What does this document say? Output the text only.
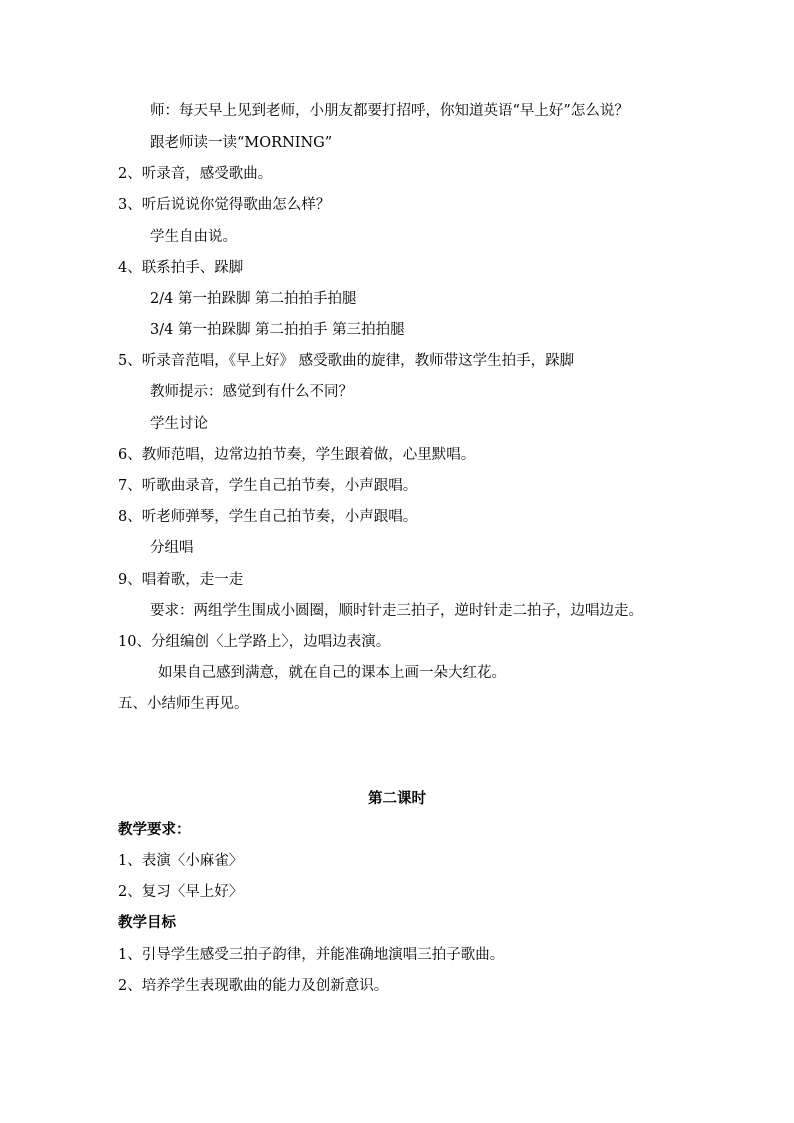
师：每天早上见到老师，小朋友都要打招呼，你知道英语“早上好”怎么说？
跟老师读一读“MORNING”
2、听录音，感受歌曲。
3、听后说说你觉得歌曲怎么样？
学生自由说。
4、联系拍手、跺脚
2/4 第一拍跺脚 第二拍拍手拍腿
3/4 第一拍跺脚 第二拍拍手 第三拍拍腿
5、听录音范唱，《早上好》 感受歌曲的旋律，教师带这学生拍手，跺脚
教师提示：感觉到有什么不同？
学生讨论
6、教师范唱，边常边拍节奏，学生跟着做，心里默唱。
7、听歌曲录音，学生自己拍节奏，小声跟唱。
8、听老师弹琴，学生自己拍节奏，小声跟唱。
分组唱
9、唱着歌，走一走
要求：两组学生围成小圆圈，顺时针走三拍子，逆时针走二拍子，边唱边走。
10、分组编创〈上学路上〉，边唱边表演。
如果自己感到满意，就在自己的课本上画一朵大红花。
五、小结师生再见。
第二课时
教学要求：
1、表演〈小麻雀〉
2、复习〈早上好〉
教学目标
1、引导学生感受三拍子韵律，并能准确地演唱三拍子歌曲。
2、培养学生表现歌曲的能力及创新意识。
